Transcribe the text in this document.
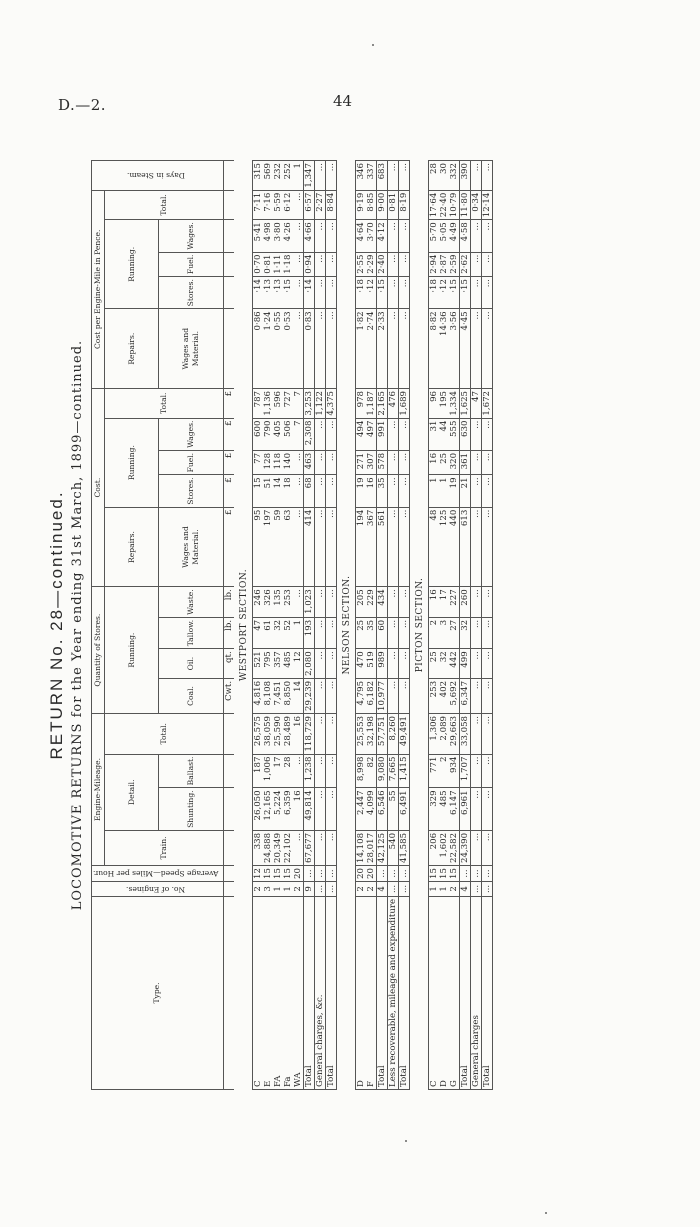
D.—2.	44
RETURN No. 28—continued. LOCOMOTIVE RETURNS for the Year ending 31st March, 1899—continued.
Type.	No. of Engines.	Average Speed—Miles per Hour.	Engine-Mileage.				Quantity of Stores.				Cost.					Cost per Engine-Mile in Pence.					Days in Steam.
			Train.	Detail.		Total.	Running.				Repairs.	Running.			Total.	Repairs.	Running.			Total.	
				Shunting.	Ballast.		Coal.	Oil.	Tallow.	Waste.	Wages and Material.	Stores.	Fuel.	Wages.		Wages and Material.	Stores.	Fuel.	Wages.		

							Cwt.	qt.	lb.	lb.	£	£	£	£	£						
WESTPORT SECTION.																					
C	2	12	338	26,050	187	26,575	4,816	521	47	246	95	15	77	600	787	0·86	·14	0·70	5·41	7·11	315
E	3	15	24,888	12,165	1,006	38,059	8,108	795	61	326	197	51	128	790	1,136	1·24	·13	0·81	4·98	7·16	569
FA	1	15	20,349	5,224	17	25,590	7,451	357	32	135	59	14	118	405	596	0·55	·13	1·11	3·80	5·59	232
Fa	1	15	22,102	6,359	28	28,489	8,850	485	52	253	63	18	140	506	727	0·53	·15	1·18	4·26	6·12	252
WA	2	20	...	16	...	16	14	12	1	...	...	...	...	7	7	...	...	...	...	...	1
Total	9	...	67,677	49,814	1,238	118,729	29,239	2,080	193	1,023	414	68	463	2,308	3,253	0·83	·14	0·94	4·66	6·57	1,347
General charges, &c.	...	...	...	...	...	...	...	...	...	...	...	...	...	...	1,122	...	...	...	...	2·27	...
Total	...	...	...	...	...	...	...	...	...	...	...	...	...	...	4,375	...	...	...	...	8·84	...
NELSON SECTION.																					
D	2	20	14,108	2,447	8,998	25,553	4,795	470	25	205	194	19	271	494	978	1·82	·18	2·55	4·64	9·19	346
F	2	20	28,017	4,099	82	32,198	6,182	519	35	229	367	16	307	497	1,187	2·74	·12	2·29	3·70	8·85	337
Total	4	...	42,125	6,546	9,080	57,751	10,977	989	60	434	561	35	578	991	2,165	2·33	·15	2·40	4·12	9·00	683
Less recoverable, mileage and expenditure	...	...	540	55	7,665	8,260	...	...	...	...	...	...	...	...	476	...	...	...	...	0·81	...
Total	...	...	41,585	6,491	1,415	49,491	...	...	...	...	...	...	...	...	1,689	...	...	...	...	8·19	...
PICTON SECTION.																					
C	1	15	206	329	771	1,306	253	25	2	16	48	1	16	31	96	8·82	·18	2·94	5·70	17·64	28
D	1	15	1,602	485	2	2,089	402	32	3	17	125	1	25	44	195	14·36	·12	2·87	5·05	22·40	30
G	2	15	22,582	6,147	934	29,663	5,692	442	27	227	440	19	320	555	1,334	3·56	·15	2·59	4·49	10·79	332
Total	4	...	24,390	6,961	1,707	33,058	6,347	499	32	260	613	21	361	630	1,625	4·45	·15	2·62	4·58	11·80	390
General charges	...	...	...	...	...	...	...	...	...	...	...	...	...	...	47	...	...	...	...	0·34	...
Total	...	...	...	...	...	...	...	...	...	...	...	...	...	...	1,672	...	...	...	...	12·14	...
